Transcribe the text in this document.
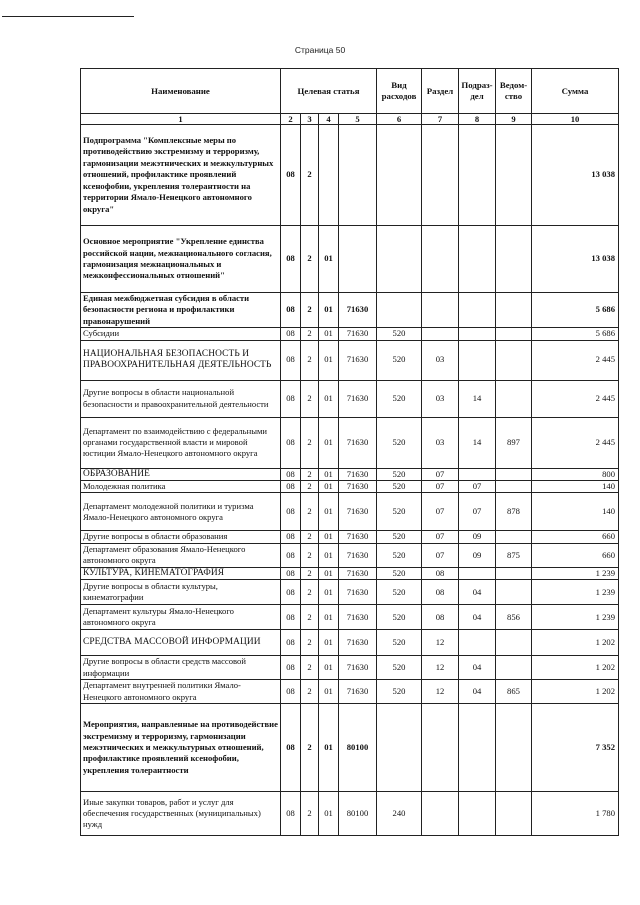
Страница 50
Наименование	Целевая статья				Вид расходов	Раздел	Подраз-дел	Ведом-ство	Сумма
1	2	3	4	5	6	7	8	9	10
Подпрограмма "Комплексные меры по противодействию экстремизму и терроризму, гармонизации межэтнических и межкультурных отношений, профилактике проявлений ксенофобии, укрепления толерантности на территории Ямало-Ненецкого автономного округа"	08	2							13 038
Основное мероприятие "Укрепление единства российской нации, межнационального согласия, гармонизация межнациональных и межконфессиональных отношений"	08	2	01						13 038
Единая межбюджетная субсидия в области безопасности региона и профилактики правонарушений	08	2	01	71630					5 686
Субсидии	08	2	01	71630	520				5 686
НАЦИОНАЛЬНАЯ БЕЗОПАСНОСТЬ И ПРАВООХРАНИТЕЛЬНАЯ ДЕЯТЕЛЬНОСТЬ	08	2	01	71630	520	03			2 445
Другие вопросы в области национальной безопасности и правоохранительной деятельности	08	2	01	71630	520	03	14		2 445
Департамент по взаимодействию с федеральными органами государственной власти и мировой юстиции Ямало-Ненецкого автономного округа	08	2	01	71630	520	03	14	897	2 445
ОБРАЗОВАНИЕ	08	2	01	71630	520	07			800
Молодежная политика	08	2	01	71630	520	07	07		140
Департамент молодежной политики и туризма Ямало-Ненецкого автономного округа	08	2	01	71630	520	07	07	878	140
Другие вопросы в области образования	08	2	01	71630	520	07	09		660
Департамент образования Ямало-Ненецкого автономного округа	08	2	01	71630	520	07	09	875	660
КУЛЬТУРА, КИНЕМАТОГРАФИЯ	08	2	01	71630	520	08			1 239
Другие вопросы в области культуры, кинематографии	08	2	01	71630	520	08	04		1 239
Департамент культуры Ямало-Ненецкого автономного округа	08	2	01	71630	520	08	04	856	1 239
СРЕДСТВА МАССОВОЙ ИНФОРМАЦИИ	08	2	01	71630	520	12			1 202
Другие вопросы в области средств массовой информации	08	2	01	71630	520	12	04		1 202
Департамент внутренней политики Ямало-Ненецкого автономного округа	08	2	01	71630	520	12	04	865	1 202
Мероприятия, направленные на противодействие экстремизму и терроризму, гармонизации межэтнических и межкультурных отношений, профилактике проявлений ксенофобии, укрепления толерантности	08	2	01	80100					7 352
Иные закупки товаров, работ и услуг для обеспечения государственных (муниципальных) нужд	08	2	01	80100	240				1 780
